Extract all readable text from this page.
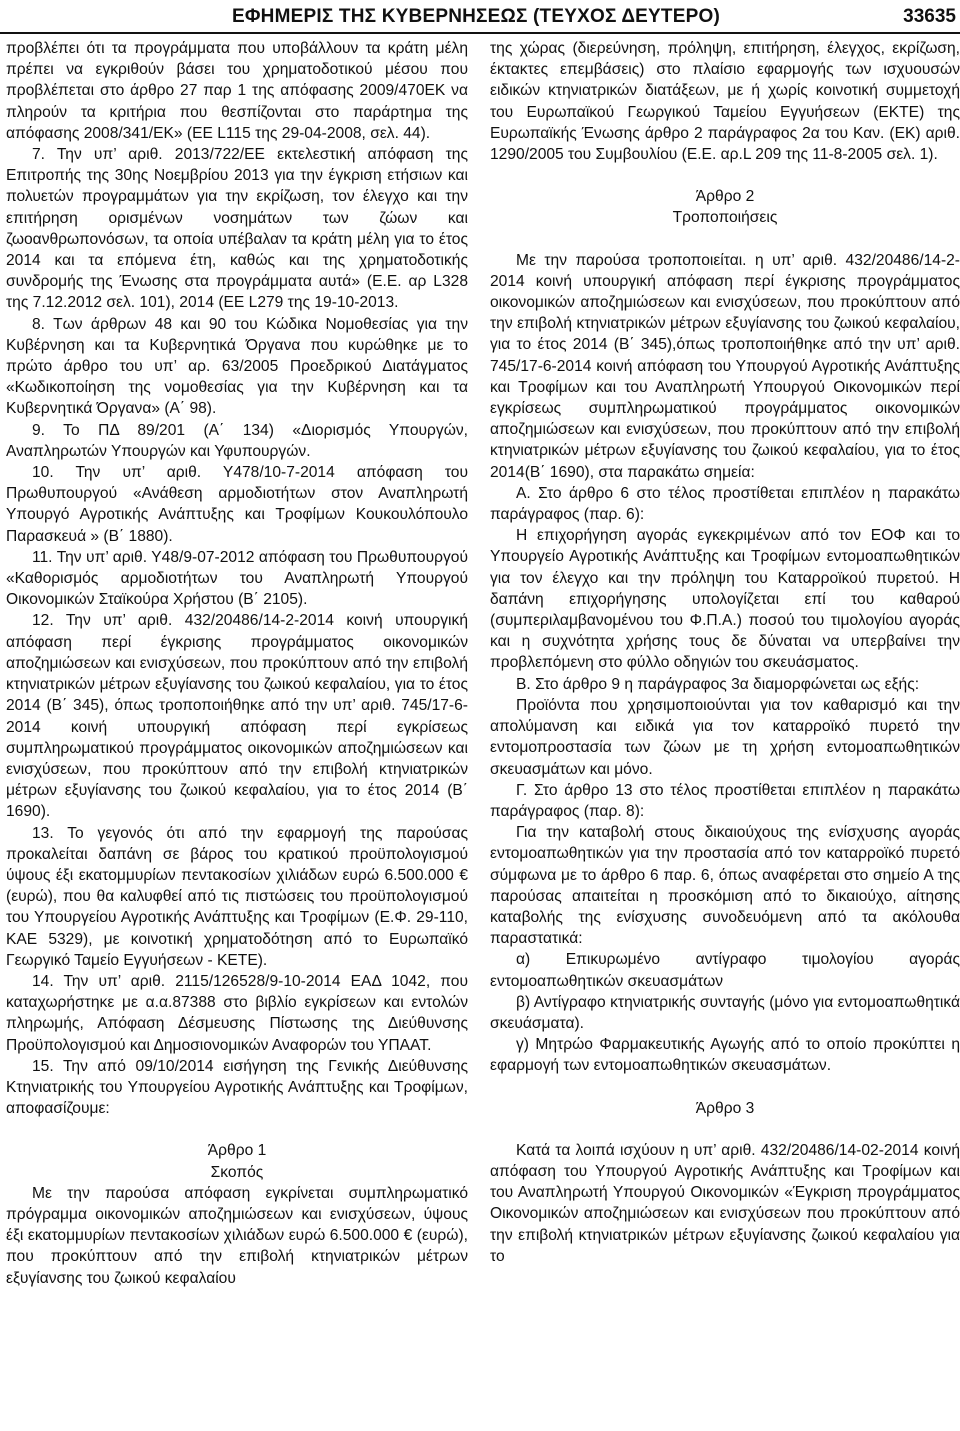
ΕΦΗΜΕΡΙΣ ΤΗΣ ΚΥΒΕΡΝΗΣΕΩΣ (ΤΕΥΧΟΣ ΔΕΥΤΕΡΟ)	33635

προβλέπει ότι τα προγράμματα που υποβάλλουν τα κράτη μέλη πρέπει να εγκριθούν βάσει του χρηματοδοτικού μέσου που προβλέπεται στο άρθρο 27 παρ 1 της απόφασης 2009/470ΕΚ να πληρούν τα κριτήρια που θεσπίζονται στο παράρτημα της απόφασης 2008/341/ΕΚ» (ΕΕ L115 της 29-04-2008, σελ. 44).

7. Την υπ’ αριθ. 2013/722/ΕΕ εκτελεστική απόφαση της Επιτροπής της 30ης Νοεμβρίου 2013 για την έγκριση ετήσιων και πολυετών προγραμμάτων για την εκρίζωση, τον έλεγχο και την επιτήρηση ορισμένων νοσημάτων των ζώων και ζωοανθρωπονόσων, τα οποία υπέβαλαν τα κράτη μέλη για το έτος 2014 και τα επόμενα έτη, καθώς και της χρηματοδοτικής συνδρομής της Ένωσης στα προγράμματα αυτά» (Ε.Ε. αρ L328 της 7.12.2012 σελ. 101), 2014 (ΕΕ L279 της 19-10-2013.

8. Των άρθρων 48 και 90 του Κώδικα Νομοθεσίας για την Κυβέρνηση και τα Κυβερνητικά Όργανα που κυρώθηκε με το πρώτο άρθρο του υπ’ αρ. 63/2005 Προεδρικού Διατάγματος «Κωδικοποίηση της νομοθεσίας για την Κυβέρνηση και τα Κυβερνητικά Όργανα» (Α΄ 98).

9. Το ΠΔ 89/201 (Α΄ 134) «Διορισμός Υπουργών, Αναπληρωτών Υπουργών και Υφυπουργών.

10. Την υπ’ αριθ. Υ478/10-7-2014 απόφαση του Πρωθυπουργού «Ανάθεση αρμοδιοτήτων στον Αναπληρωτή Υπουργό Αγροτικής Ανάπτυξης και Τροφίμων Κουκουλόπουλο Παρασκευά » (Β΄ 1880).

11. Την υπ’ αριθ. Υ48/9-07-2012 απόφαση του Πρωθυπουργού «Καθορισμός αρμοδιοτήτων του Αναπληρωτή Υπουργού Οικονομικών Σταϊκούρα Χρήστου (Β΄ 2105).

12. Την υπ’ αριθ. 432/20486/14-2-2014 κοινή υπουργική απόφαση περί έγκρισης προγράμματος οικονομικών αποζημιώσεων και ενισχύσεων, που προκύπτουν από την επιβολή κτηνιατρικών μέτρων εξυγίανσης του ζωικού κεφαλαίου, για το έτος 2014 (Β΄ 345), όπως τροποποιήθηκε από την υπ’ αριθ. 745/17-6-2014 κοινή υπουργική απόφαση περί εγκρίσεως συμπληρωματικού προγράμματος οικονομικών αποζημιώσεων και ενισχύσεων, που προκύπτουν από την επιβολή κτηνιατρικών μέτρων εξυγίανσης του ζωικού κεφαλαίου, για το έτος 2014 (Β΄ 1690).

13. Το γεγονός ότι από την εφαρμογή της παρούσας προκαλείται δαπάνη σε βάρος του κρατικού προϋπολογισμού ύψους έξι εκατομμυρίων πεντακοσίων χιλιάδων ευρώ 6.500.000 € (ευρώ), που θα καλυφθεί από τις πιστώσεις του προϋπολογισμού του Υπουργείου Αγροτικής Ανάπτυξης και Τροφίμων (Ε.Φ. 29-110, ΚΑΕ 5329), με κοινοτική χρηματοδότηση από το Ευρωπαϊκό Γεωργικό Ταμείο Εγγυήσεων - ΚΕΤΕ).

14. Την υπ’ αριθ. 2115/126528/9-10-2014 ΕΑΔ 1042, που καταχωρήστηκε με α.α.87388 στο βιβλίο εγκρίσεων και εντολών πληρωμής, Απόφαση Δέσμευσης Πίστωσης της Διεύθυνσης Προϋπολογισμού και Δημοσιονομικών Αναφορών του ΥΠΑΑΤ.

15. Την από 09/10/2014 εισήγηση της Γενικής Διεύθυνσης Κτηνιατρικής του Υπουργείου Αγροτικής Ανάπτυξης και Τροφίμων, αποφασίζουμε:

Άρθρο 1
Σκοπός

Με την παρούσα απόφαση εγκρίνεται συμπληρωματικό πρόγραμμα οικονομικών αποζημιώσεων και ενισχύσεων, ύψους έξι εκατομμυρίων πεντακοσίων χιλιάδων ευρώ 6.500.000 € (ευρώ), που προκύπτουν από την επιβολή κτηνιατρικών μέτρων εξυγίανσης του ζωικού κεφαλαίου

της χώρας (διερεύνηση, πρόληψη, επιτήρηση, έλεγχος, εκρίζωση, έκτακτες επεμβάσεις) στο πλαίσιο εφαρμογής των ισχυουσών ειδικών κτηνιατρικών διατάξεων, με ή χωρίς κοινοτική συμμετοχή του Ευρωπαϊκού Γεωργικού Ταμείου Εγγυήσεων (ΕΚΤΕ) της Ευρωπαϊκής Ένωσης άρθρο 2 παράγραφος 2α του Καν. (ΕΚ) αριθ. 1290/2005 του Συμβουλίου (Ε.Ε. αρ.L 209 της 11-8-2005 σελ. 1).

Άρθρο 2
Τροποποιήσεις

Με την παρούσα τροποποιείται. η υπ’ αριθ. 432/20486/14-2-2014 κοινή υπουργική απόφαση περί έγκρισης προγράμματος οικονομικών αποζημιώσεων και ενισχύσεων, που προκύπτουν από την επιβολή κτηνιατρικών μέτρων εξυγίανσης του ζωικού κεφαλαίου, για το έτος 2014 (Β΄ 345),όπως τροποποιήθηκε από την υπ’ αριθ. 745/17-6-2014 κοινή απόφαση του Υπουργού Αγροτικής Ανάπτυξης και Τροφίμων και του Αναπληρωτή Υπουργού Οικονομικών περί εγκρίσεως συμπληρωματικού προγράμματος οικονομικών αποζημιώσεων και ενισχύσεων, που προκύπτουν από την επιβολή κτηνιατρικών μέτρων εξυγίανσης του ζωικού κεφαλαίου, για το έτος 2014(Β΄ 1690), στα παρακάτω σημεία:

Α. Στο άρθρο 6 στο τέλος προστίθεται επιπλέον η παρακάτω παράγραφος (παρ. 6):

Η επιχορήγηση αγοράς εγκεκριμένων από τον ΕΟΦ και το Υπουργείο Αγροτικής Ανάπτυξης και Τροφίμων εντομοαπωθητικών για τον έλεγχο και την πρόληψη του Καταρροϊκού πυρετού. Η δαπάνη επιχορήγησης υπολογίζεται επί του καθαρού (συμπεριλαμβανομένου του Φ.Π.Α.) ποσού του τιμολογίου αγοράς και η συχνότητα χρήσης τους δε δύναται να υπερβαίνει την προβλεπόμενη στο φύλλο οδηγιών του σκευάσματος.

Β. Στο άρθρο 9 η παράγραφος 3α διαμορφώνεται ως εξής:

Προϊόντα που χρησιμοποιούνται για τον καθαρισμό και την απολύμανση και ειδικά για τον καταρροϊκό πυρετό την εντομοπροστασία των ζώων με τη χρήση εντομοαπωθητικών σκευασμάτων και μόνο.

Γ. Στο άρθρο 13 στο τέλος προστίθεται επιπλέον η παρακάτω παράγραφος (παρ. 8):

Για την καταβολή στους δικαιούχους της ενίσχυσης αγοράς εντομοαπωθητικών για την προστασία από τον καταρροϊκό πυρετό σύμφωνα με το άρθρο 6 παρ. 6, όπως αναφέρεται στο σημείο Α της παρούσας απαιτείται η προσκόμιση από το δικαιούχο, αίτησης καταβολής της ενίσχυσης συνοδευόμενη από τα ακόλουθα παραστατικά:

α) Επικυρωμένο αντίγραφο τιμολογίου αγοράς εντομοαπωθητικών σκευασμάτων

β) Αντίγραφο κτηνιατρικής συνταγής (μόνο για εντομοαπωθητικά σκευάσματα).

γ) Μητρώο Φαρμακευτικής Αγωγής από το οποίο προκύπτει η εφαρμογή των εντομοαπωθητικών σκευασμάτων.

Άρθρο 3

Κατά τα λοιπά ισχύουν η υπ’ αριθ. 432/20486/14-02-2014 κοινή απόφαση του Υπουργού Αγροτικής Ανάπτυξης και Τροφίμων και του Αναπληρωτή Υπουργού Οικονομικών «Έγκριση προγράμματος Οικονομικών αποζημιώσεων και ενισχύσεων που προκύπτουν από την επιβολή κτηνιατρικών μέτρων εξυγίανσης ζωικού κεφαλαίου για το
